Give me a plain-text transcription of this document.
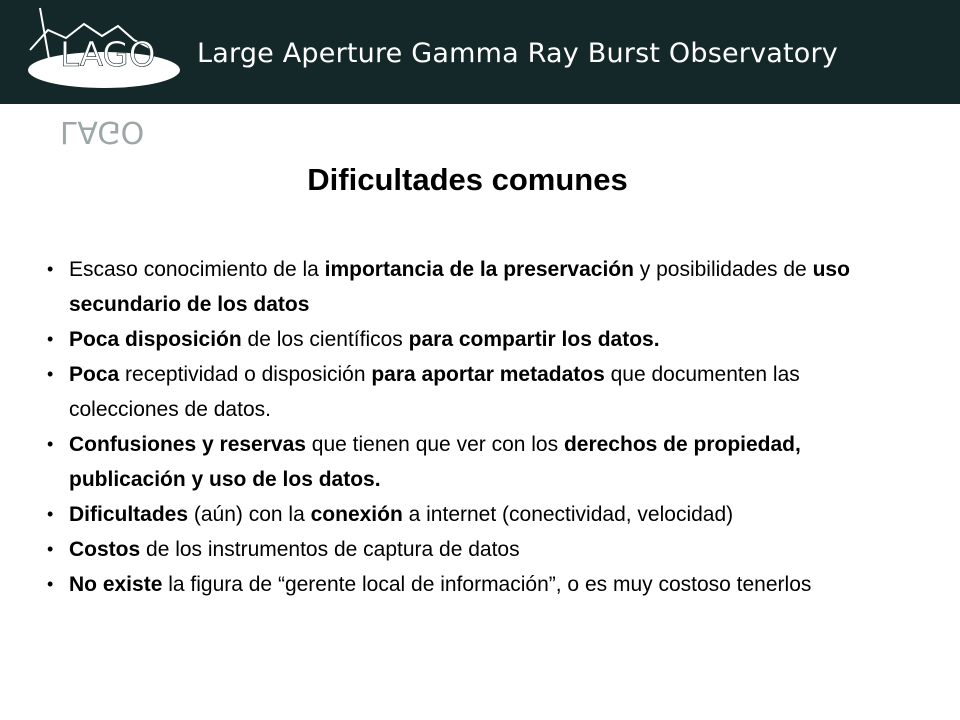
LAGO
LAGO
Large Aperture Gamma Ray Burst Observatory
Dificultades comunes
• Escaso conocimiento de la importancia de la preservación y posibilidades de uso secundario de los datos
• Poca disposición de los científicos para compartir los datos.
• Poca receptividad o disposición para aportar metadatos que documenten las colecciones de datos.
• Confusiones y reservas que tienen que ver con los derechos de propiedad, publicación y uso de los datos.
• Dificultades (aún) con la conexión a internet (conectividad, velocidad)
• Costos de los instrumentos de captura de datos
• No existe la figura de “gerente local de información”, o es muy costoso tenerlos
